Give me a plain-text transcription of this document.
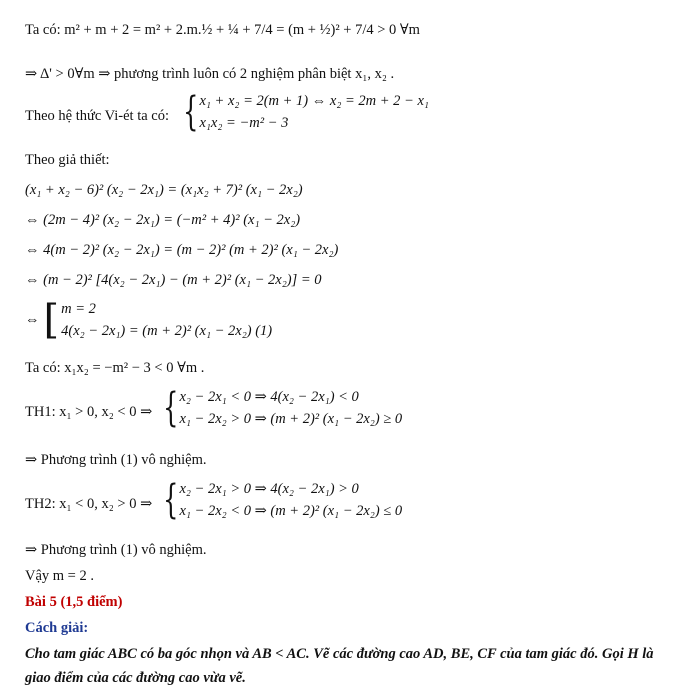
Ta có: m² + m + 2 = m² + 2.m.½ + ¼ + 7/4 = (m + ½)² + 7/4 > 0 ∀m
⇒ Δ' > 0∀m ⇒ phương trình luôn có 2 nghiệm phân biệt x₁, x₂ .
Theo hệ thức Vi-ét ta có: { x₁ + x₂ = 2(m + 1) ⇔ x₂ = 2m + 2 − x₁
x₁x₂ = −m² − 3
Theo giả thiết:
(x₁ + x₂ − 6)² (x₂ − 2x₁) = (x₁x₂ + 7)² (x₁ − 2x₂)
⇔ (2m − 4)² (x₂ − 2x₁) = (−m² + 4)² (x₁ − 2x₂)
⇔ 4(m − 2)² (x₂ − 2x₁) = (m − 2)² (m + 2)² (x₁ − 2x₂)
⇔ (m − 2)² [4(x₂ − 2x₁) − (m + 2)² (x₁ − 2x₂)] = 0
⇔ [ m = 2
4(x₂ − 2x₁) = (m + 2)² (x₁ − 2x₂) (1)
Ta có: x₁x₂ = −m² − 3 < 0 ∀m .
TH1: x₁ > 0, x₂ < 0 ⇒ { x₂ − 2x₁ < 0 ⇒ 4(x₂ − 2x₁) < 0
x₁ − 2x₂ > 0 ⇒ (m + 2)² (x₁ − 2x₂) ≥ 0
⇒ Phương trình (1) vô nghiệm.
TH2: x₁ < 0, x₂ > 0 ⇒ { x₂ − 2x₁ > 0 ⇒ 4(x₂ − 2x₁) > 0
x₁ − 2x₂ < 0 ⇒ (m + 2)² (x₁ − 2x₂) ≤ 0
⇒ Phương trình (1) vô nghiệm.
Vậy m = 2 .
Bài 5 (1,5 điểm)
Cách giải:
Cho tam giác ABC có ba góc nhọn và AB < AC. Vẽ các đường cao AD, BE, CF của tam giác đó. Gọi H là
giao điểm của các đường cao vừa vẽ.
